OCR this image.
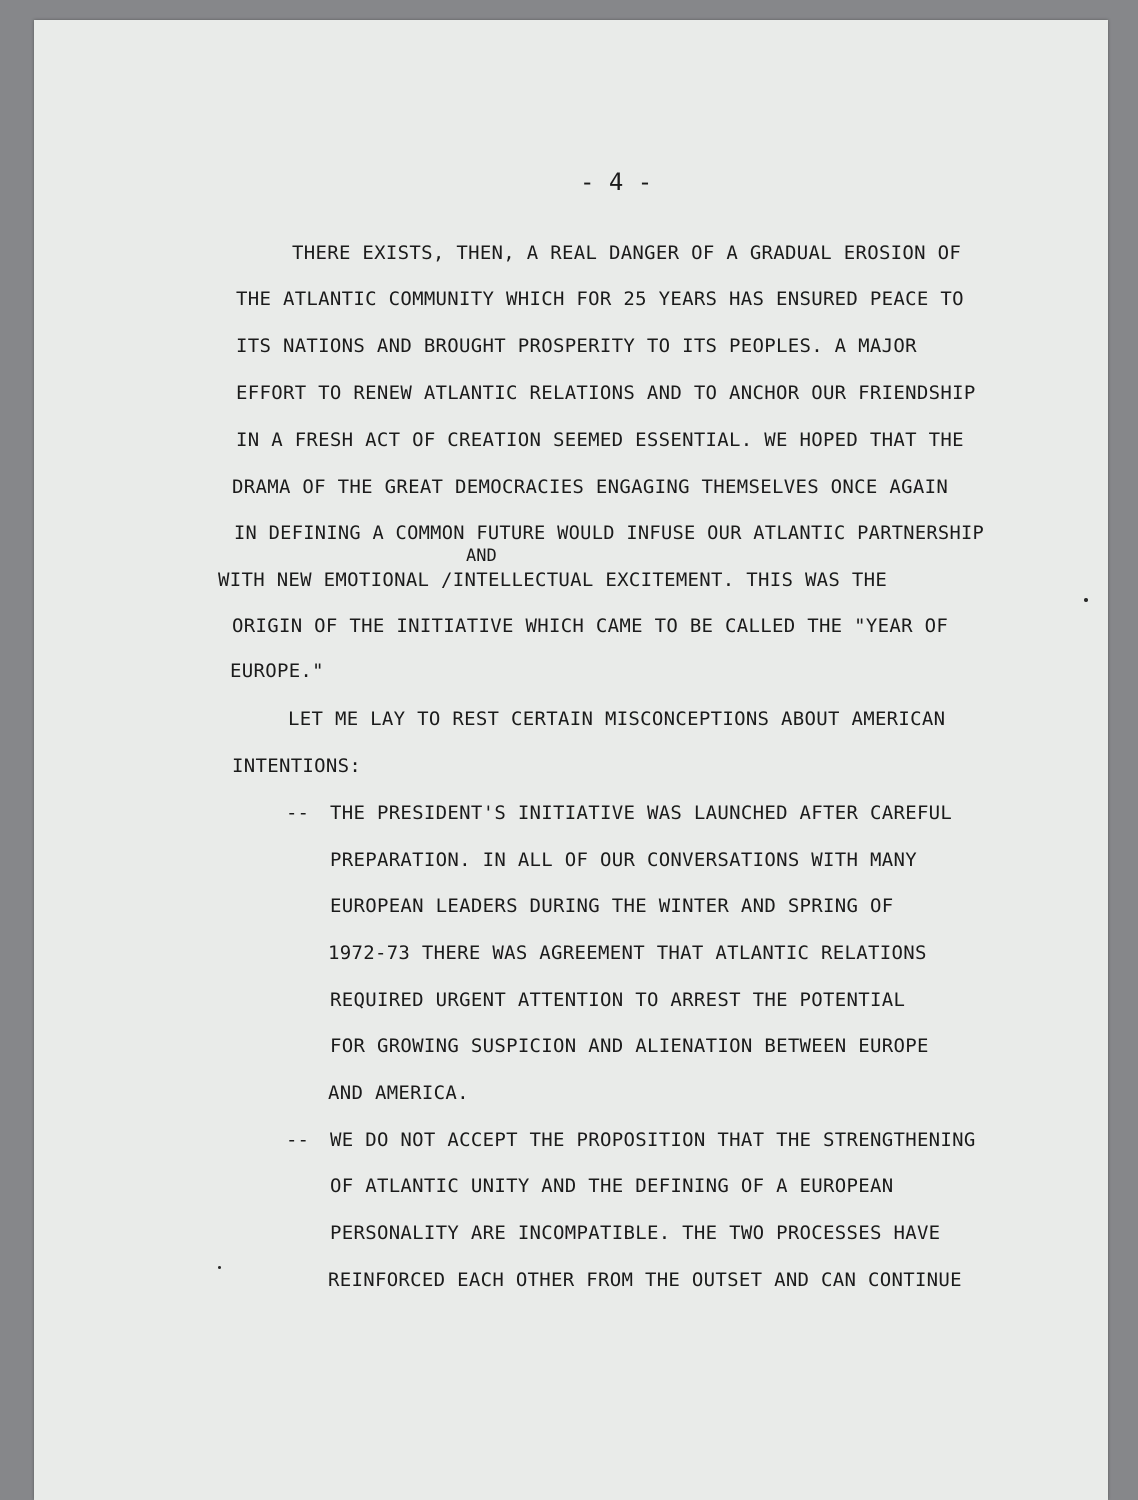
- 4 -
THERE EXISTS, THEN, A REAL DANGER OF A GRADUAL EROSION OF
THE ATLANTIC COMMUNITY WHICH FOR 25 YEARS HAS ENSURED PEACE TO
ITS NATIONS AND BROUGHT PROSPERITY TO ITS PEOPLES. A MAJOR
EFFORT TO RENEW ATLANTIC RELATIONS AND TO ANCHOR OUR FRIENDSHIP
IN A FRESH ACT OF CREATION SEEMED ESSENTIAL. WE HOPED THAT THE
DRAMA OF THE GREAT DEMOCRACIES ENGAGING THEMSELVES ONCE AGAIN
IN DEFINING A COMMON FUTURE WOULD INFUSE OUR ATLANTIC PARTNERSHIP
AND
WITH NEW EMOTIONAL /INTELLECTUAL EXCITEMENT. THIS WAS THE
ORIGIN OF THE INITIATIVE WHICH CAME TO BE CALLED THE "YEAR OF
EUROPE."
LET ME LAY TO REST CERTAIN MISCONCEPTIONS ABOUT AMERICAN
INTENTIONS:
-- THE PRESIDENT'S INITIATIVE WAS LAUNCHED AFTER CAREFUL
PREPARATION. IN ALL OF OUR CONVERSATIONS WITH MANY
EUROPEAN LEADERS DURING THE WINTER AND SPRING OF
1972-73 THERE WAS AGREEMENT THAT ATLANTIC RELATIONS
REQUIRED URGENT ATTENTION TO ARREST THE POTENTIAL
FOR GROWING SUSPICION AND ALIENATION BETWEEN EUROPE
AND AMERICA.
-- WE DO NOT ACCEPT THE PROPOSITION THAT THE STRENGTHENING
OF ATLANTIC UNITY AND THE DEFINING OF A EUROPEAN
PERSONALITY ARE INCOMPATIBLE. THE TWO PROCESSES HAVE
REINFORCED EACH OTHER FROM THE OUTSET AND CAN CONTINUE
